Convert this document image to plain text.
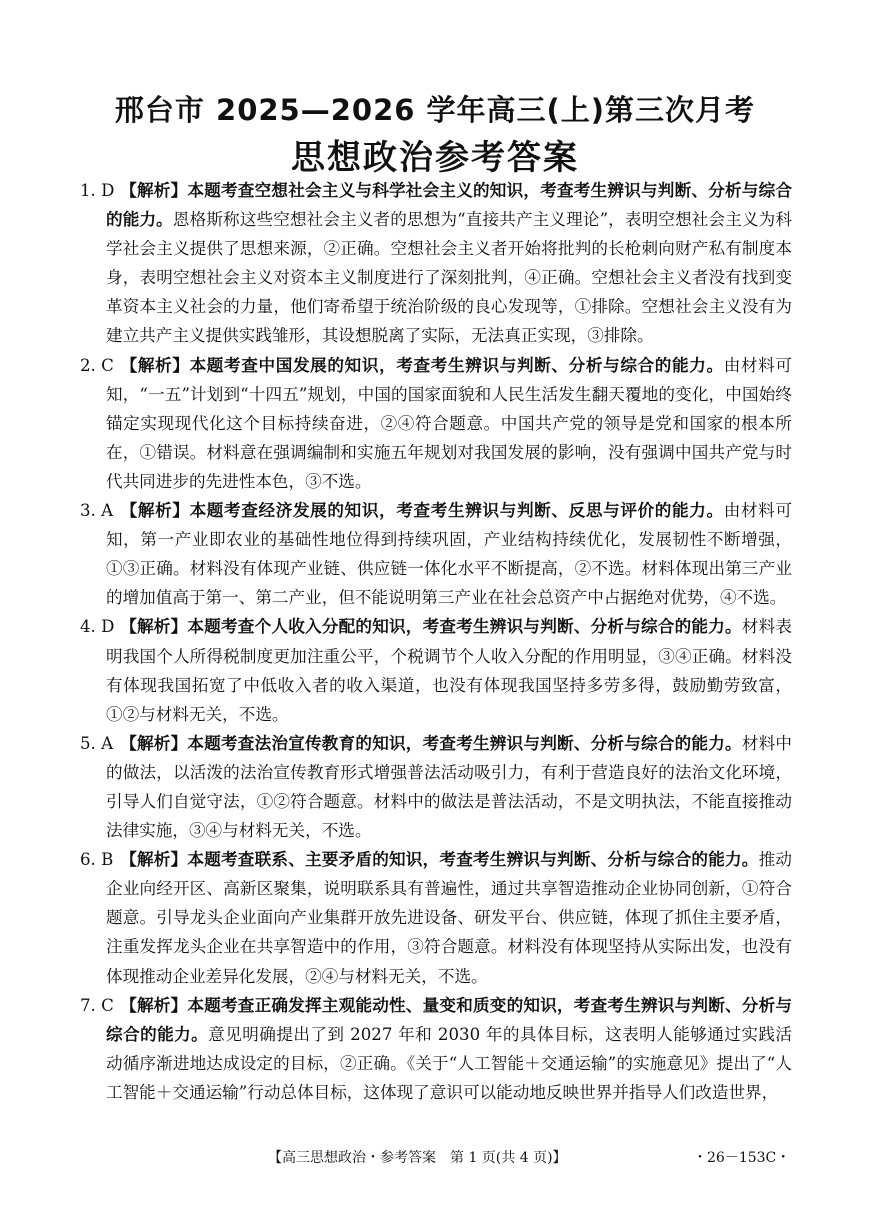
邢台市 2025—2026 学年高三(上)第三次月考
思想政治参考答案

1. D 【解析】本题考查空想社会主义与科学社会主义的知识，考查考生辨识与判断、分析与综合的能力。恩格斯称这些空想社会主义者的思想为“直接共产主义理论”，表明空想社会主义为科学社会主义提供了思想来源，②正确。空想社会主义者开始将批判的长枪刺向财产私有制度本身，表明空想社会主义对资本主义制度进行了深刻批判，④正确。空想社会主义者没有找到变革资本主义社会的力量，他们寄希望于统治阶级的良心发现等，①排除。空想社会主义没有为建立共产主义提供实践雏形，其设想脱离了实际，无法真正实现，③排除。

2. C 【解析】本题考查中国发展的知识，考查考生辨识与判断、分析与综合的能力。由材料可知，“一五”计划到“十四五”规划，中国的国家面貌和人民生活发生翻天覆地的变化，中国始终锚定实现现代化这个目标持续奋进，②④符合题意。中国共产党的领导是党和国家的根本所在，①错误。材料意在强调编制和实施五年规划对我国发展的影响，没有强调中国共产党与时代共同进步的先进性本色，③不选。

3. A 【解析】本题考查经济发展的知识，考查考生辨识与判断、反思与评价的能力。由材料可知，第一产业即农业的基础性地位得到持续巩固，产业结构持续优化，发展韧性不断增强，①③正确。材料没有体现产业链、供应链一体化水平不断提高，②不选。材料体现出第三产业的增加值高于第一、第二产业，但不能说明第三产业在社会总资产中占据绝对优势，④不选。

4. D 【解析】本题考查个人收入分配的知识，考查考生辨识与判断、分析与综合的能力。材料表明我国个人所得税制度更加注重公平，个税调节个人收入分配的作用明显，③④正确。材料没有体现我国拓宽了中低收入者的收入渠道，也没有体现我国坚持多劳多得，鼓励勤劳致富，①②与材料无关，不选。

5. A 【解析】本题考查法治宣传教育的知识，考查考生辨识与判断、分析与综合的能力。材料中的做法，以活泼的法治宣传教育形式增强普法活动吸引力，有利于营造良好的法治文化环境，引导人们自觉守法，①②符合题意。材料中的做法是普法活动，不是文明执法，不能直接推动法律实施，③④与材料无关，不选。

6. B 【解析】本题考查联系、主要矛盾的知识，考查考生辨识与判断、分析与综合的能力。推动企业向经开区、高新区聚集，说明联系具有普遍性，通过共享智造推动企业协同创新，①符合题意。引导龙头企业面向产业集群开放先进设备、研发平台、供应链，体现了抓住主要矛盾，注重发挥龙头企业在共享智造中的作用，③符合题意。材料没有体现坚持从实际出发，也没有体现推动企业差异化发展，②④与材料无关，不选。

7. C 【解析】本题考查正确发挥主观能动性、量变和质变的知识，考查考生辨识与判断、分析与综合的能力。意见明确提出了到 2027 年和 2030 年的具体目标，这表明人能够通过实践活动循序渐进地达成设定的目标，②正确。《关于“人工智能＋交通运输”的实施意见》提出了“人工智能＋交通运输”行动总体目标，这体现了意识可以能动地反映世界并指导人们改造世界，

【高三思想政治・参考答案　第 1 页(共 4 页)】	・26－153C・
